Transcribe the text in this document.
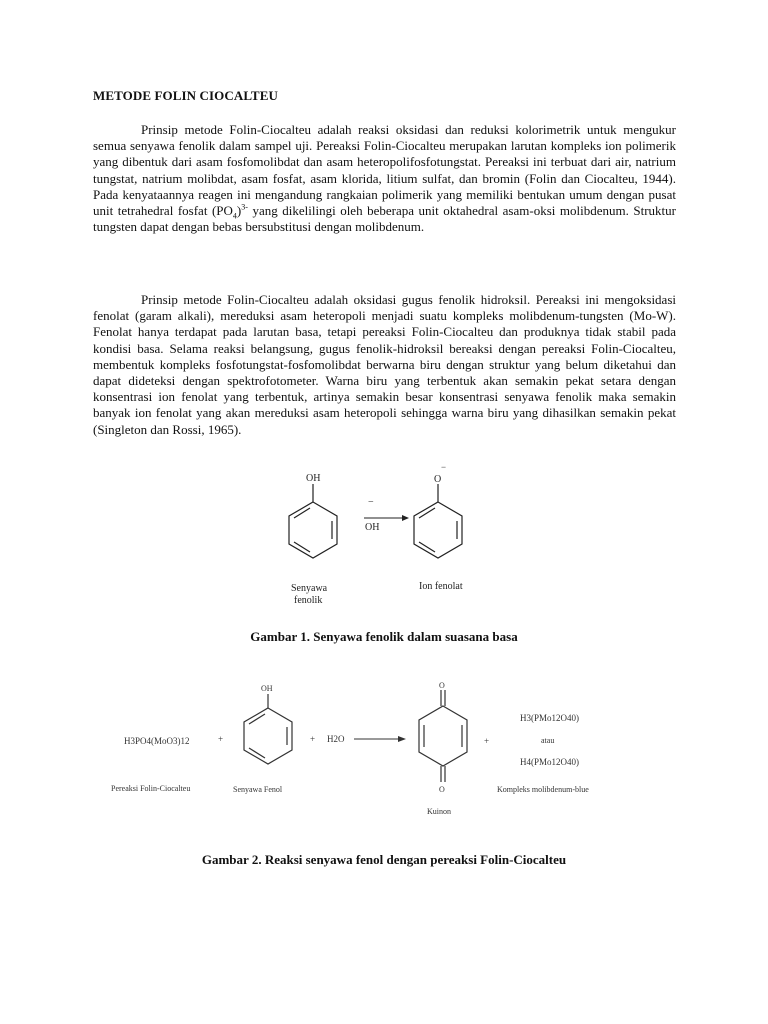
METODE FOLIN CIOCALTEU

Prinsip metode Folin-Ciocalteu adalah reaksi oksidasi dan reduksi kolorimetrik untuk mengukur semua senyawa fenolik dalam sampel uji. Pereaksi Folin-Ciocalteu merupakan larutan kompleks ion polimerik yang dibentuk dari asam fosfomolibdat dan asam heteropolifosfotungstat. Pereaksi ini terbuat dari air, natrium tungstat, natrium molibdat, asam fosfat, asam klorida, litium sulfat, dan bromin (Folin dan Ciocalteu, 1944). Pada kenyataannya reagen ini mengandung rangkaian polimerik yang memiliki bentukan umum dengan pusat unit tetrahedral fosfat $(PO_4)^{3-}$ yang dikelilingi oleh beberapa unit oktahedral asam-oksi molibdenum. Struktur tungsten dapat dengan bebas bersubstitusi dengan molibdenum.

Prinsip metode Folin-Ciocalteu adalah oksidasi gugus fenolik hidroksil. Pereaksi ini mengoksidasi fenolat (garam alkali), mereduksi asam heteropoli menjadi suatu kompleks molibdenum-tungsten (Mo-W). Fenolat hanya terdapat pada larutan basa, tetapi pereaksi Folin-Ciocalteu dan produknya tidak stabil pada kondisi basa. Selama reaksi belangsung, gugus fenolik-hidroksil bereaksi dengan pereaksi Folin-Ciocalteu, membentuk kompleks fosfotungstat-fosfomolibdat berwarna biru dengan struktur yang belum diketahui dan dapat dideteksi dengan spektrofotometer. Warna biru yang terbentuk akan semakin pekat setara dengan konsentrasi ion fenolat yang terbentuk, artinya semakin besar konsentrasi senyawa fenolik maka semakin banyak ion fenolat yang akan mereduksi asam heteropoli sehingga warna biru yang dihasilkan semakin pekat (Singleton dan Rossi, 1965).

OH
−
OH
O
−
Senyawa
fenolik
Ion fenolat
Gambar 1. Senyawa fenolik dalam suasana basa
H3PO4(MoO3)12	+
OH
+ H2O
O
O
+
H3(PMo12O40)
atau
H4(PMo12O40)
Pereaksi Folin-Ciocalteu	Senyawa Fenol
Kuinon
Kompleks molibdenum-blue
Gambar 2. Reaksi senyawa fenol dengan pereaksi Folin-Ciocalteu
